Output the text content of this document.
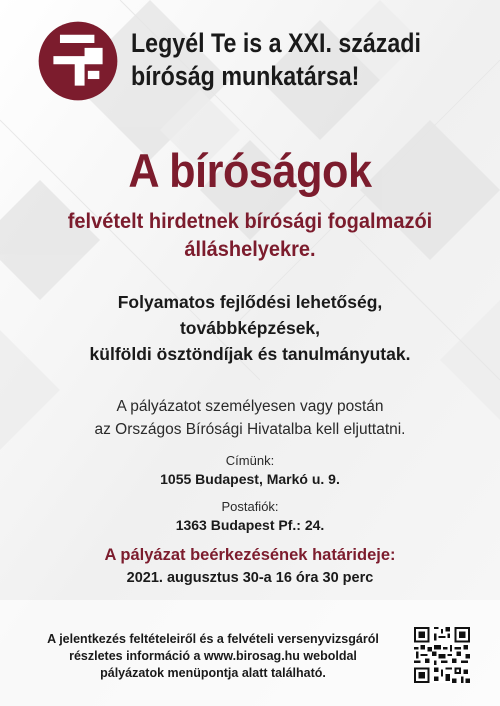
Legyél Te is a XXI. századi
bíróság munkatársa!
A bíróságok
felvételt hirdetnek bírósági fogalmazói
álláshelyekre.
Folyamatos fejlődési lehetőség,
továbbképzések,
külföldi ösztöndíjak és tanulmányutak.
A pályázatot személyesen vagy postán
az Országos Bírósági Hivatalba kell eljuttatni.
Címünk:
1055 Budapest, Markó u. 9.
Postafiók:
1363 Budapest Pf.: 24.
A pályázat beérkezésének határideje:
2021. augusztus 30-a 16 óra 30 perc
A jelentkezés feltételeiről és a felvételi versenyvizsgáról
részletes információ a www.birosag.hu weboldal
pályázatok menüpontja alatt található.
